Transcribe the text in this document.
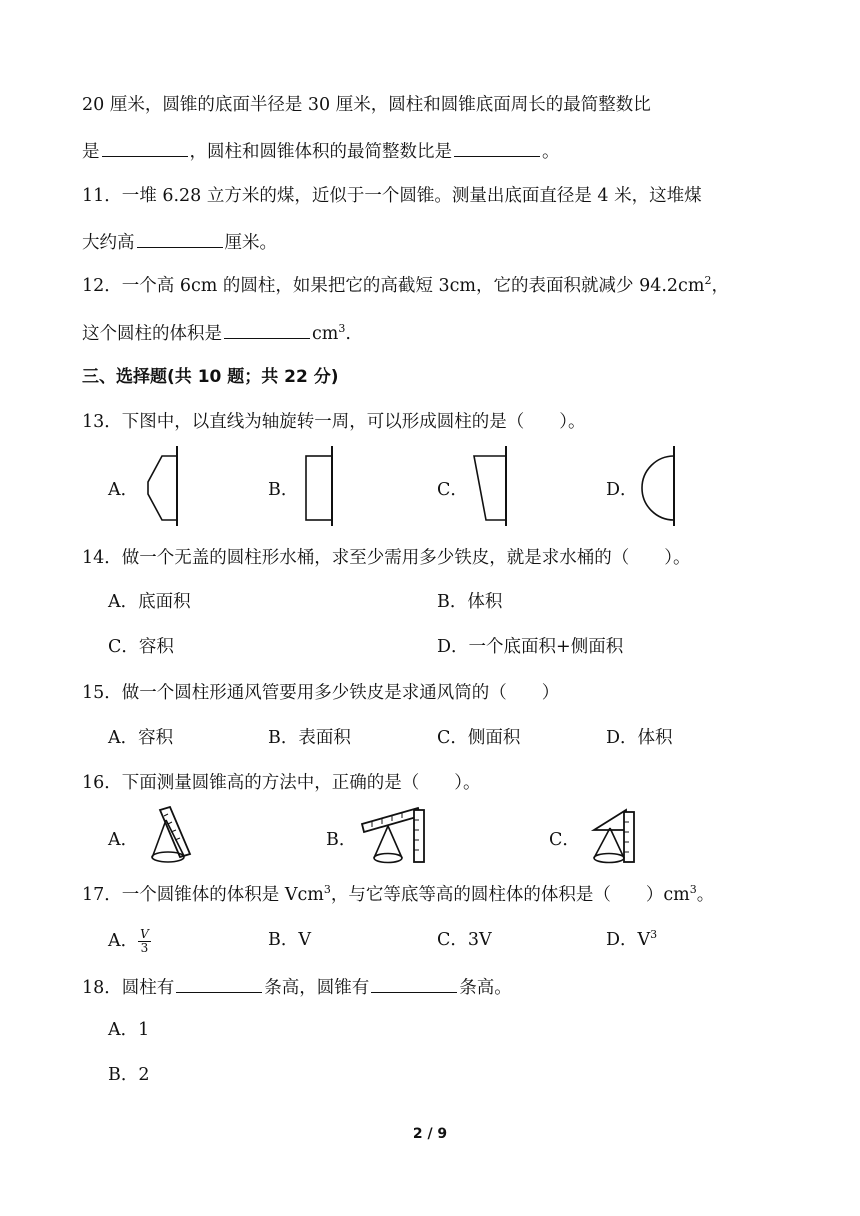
20 厘米，圆锥的底面半径是 30 厘米，圆柱和圆锥底面周长的最简整数比
是	，圆柱和圆锥体积的最简整数比是	。
11．一堆 6.28 立方米的煤，近似于一个圆锥。测量出底面直径是 4 米，这堆煤
大约高	厘米。
12．一个高 6cm 的圆柱，如果把它的高截短 3cm，它的表面积就减少 $94.2cm^2$，
这个圆柱的体积是	$cm^3$.
三、选择题(共 10 题；共 22 分)
13．下图中，以直线为轴旋转一周，可以形成圆柱的是（　　）。
A．	B．	C．	D．
14．做一个无盖的圆柱形水桶，求至少需用多少铁皮，就是求水桶的（　　）。
A．底面积	B．体积
C．容积	D．一个底面积+侧面积
15．做一个圆柱形通风管要用多少铁皮是求通风筒的（　　）
A．容积	B．表面积	C．侧面积	D．体积
16．下面测量圆锥高的方法中，正确的是（　　）。
A．	B．	C．
17．一个圆锥体的体积是 Vcm$^3$，与它等底等高的圆柱体的体积是（　　）$cm^3$。
A． $\frac{V}{3}$	B．V	C．3V	D．$V^3$
18．圆柱有	条高，圆锥有	条高。
A．1
B．2
2 / 9
